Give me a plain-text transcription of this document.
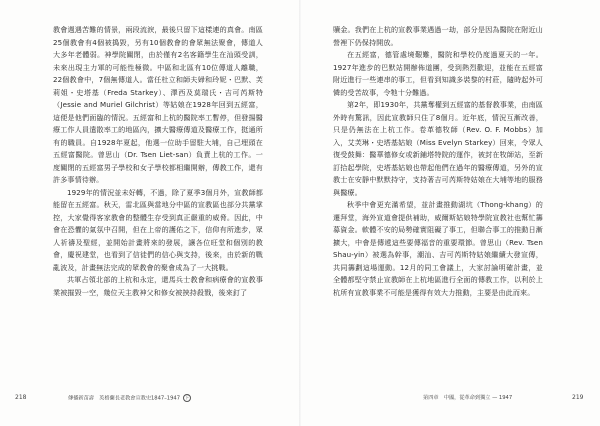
教會週遇苦難的情景，兩段流淚，最後只留下這樣連的真會。南區25個教會有4個被搗毀，另有10個教會的會眾無法聚會，傳道人大多年老體弱。神學院關閉，由於僅有2名客籍學生在汕頭受訓，未來出現主力軍的可能性極微。中區和北區有10位傳道人離職，22個教會中，7個無傳道人。當任杜立和師夫婦和玲妮・巴默、芙莉姐・史塔基（Freda Starkey）、澤西及莫瑞氏・吉可芮斯特（Jessie and Muriel Gilchrist）等姑娘在1928年回到五經富，這便是他們面臨的情況。五經富和上杭的醫院率工暫停，但發揚醫療工作人員遣散率工的地區內，擴大醫療傳道及醫療工作，挺通所有的職員。自1928年夏起，他選一位助手留駐大埔，自己埋頭在五經富醫院。曾思山（Dr. Tsen Liet-san）負責上杭的工作。一度關閉的五經富男子學校和女子學校都相繼開辦，傳教工作，還有許多事情待辦。

1929年的情況並未好轉，不過，除了夏季3個月外，宣教師都能留在五經富。秋天，雷北區與當地分中區的宣教區也部分共黨掌控，大家覺得客家教會的整體生存受到真正嚴重的威脅。因此，中會在恐懼的氣氛中召開，但在上帝的護佑之下，信仰有所進步，眾人祈禱及聖經，並開始計畫將來的發展，讓各位旺堂和個別的教會，慶祝建堂，也看到了信徒們的信心與支持，後來，由於新的戰亂波及，計畫無法完成的眾教會的聚會成為了一大挑戰。

共軍占領北部的上杭和永定，還馬兵士教會和病療會的宣教事業被摧毀一空，幾位天主教神父和修女被挾持殺戮，後來釘了

218	傳播新苗壽　英格蘭長老教會宣教史1847–1947 下

贖金。我們在上杭的宣教事業遇過一劫，部分是因為醫院在附近山營裡下仍保持開放。

在五經富，德管處境艱難，醫院和學校仍度過夏天的一年。1927年進步的巴默站開辦佈道團，受到熱烈歡迎，並能在五經富附近進行一些連串的事工，但看到知識多裝黎的村莊，隨時起外可憐的受苦故事，令牠十分難過。

第2年，即1930年，共黨奪權到五經富的基督教事業，由南區外時有驚訊，因此宣教師只住了8個月。近年底，情況互漸改善，只是仍無法在上杭工作。卷革德牧師（Rev. O. F. Mobbs）加入，艾芙琳・史塔基姑娘（Miss Evelyn Starkey）回來，令眾人復受鼓舞：醫華德修女或新鋪塔特院的運作，被封在牧師站，至新訂拾起學院，史塔基姑娘也帶起他們在過年的醫療傳道，另外的宣教士在安靜中默默持守，支持著吉可芮斯特姑娘在大埔等地的服務與醫療。

秋季中會更充滿希望，並計畫推動湖坑（Thong-khang）的遷拜堂，海外宣道會提供補助，威爾斯姑娘特學院宣教社也幫忙籌募資金。軟體不安的局勢確實阻礙了事工，但聯合事工的推動日漸擴大，中會是傳遞這些要傳福音的重要環節。曾思山（Rev. Tsen Shau-yin）被選為幹事，潮汕、吉可芮斯特姑娘繼續大發宣傳，共同籌劃這場運動。12月的同工會議上，大家討論明確計畫，並全體都堅守禁止宣教師在上杭地區進行全面的傳教工作，以利於上杭所有宣教事業不可能是獲得有效大力推動，主要是由此而來。

第四章　中國，從革命到獨立 — 1947	219
